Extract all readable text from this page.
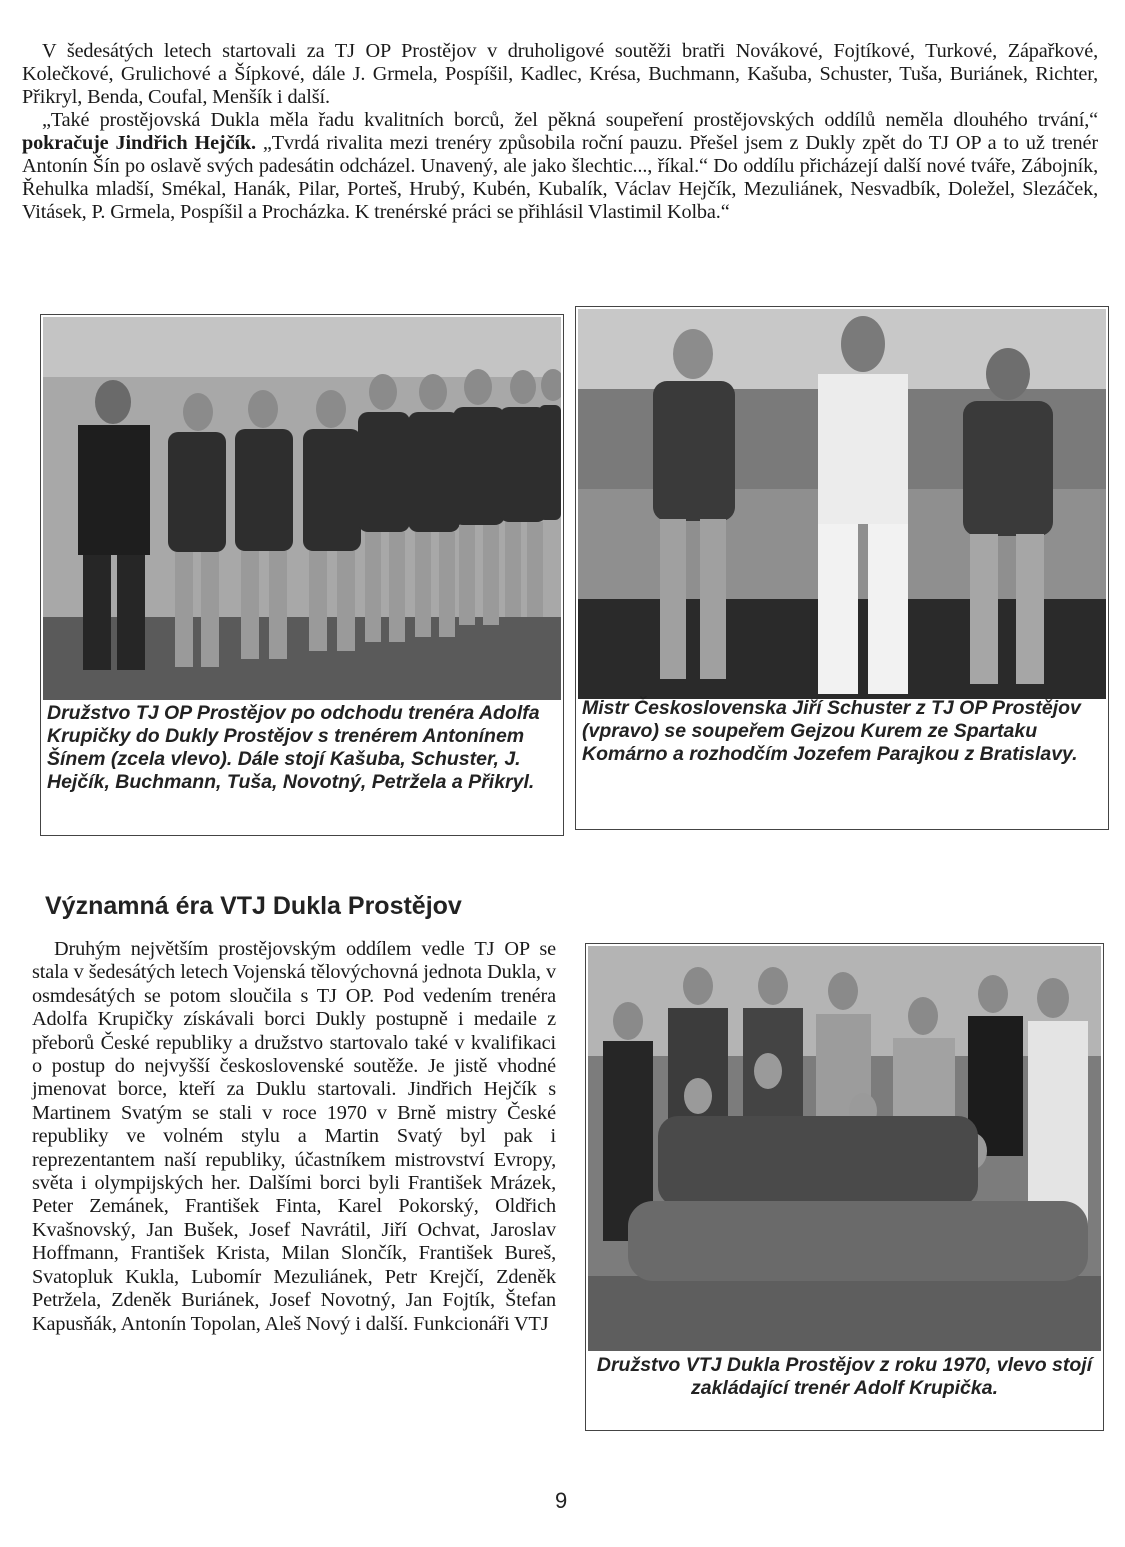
V šedesátých letech startovali za TJ OP Prostějov v druholigové soutěži bratři Novákové, Fojtíkové, Turkové, Zápařkové, Kolečkové, Grulichové a Šípkové, dále J. Grmela, Pospíšil, Kadlec, Krésa, Buchmann, Kašuba, Schuster, Tuša, Buriánek, Richter, Přikryl, Benda, Coufal, Menšík i další.

„Také prostějovská Dukla měla řadu kvalitních borců, žel pěkná soupeření prostějovských oddílů neměla dlouhého trvání,“ pokračuje Jindřich Hejčík. „Tvrdá rivalita mezi trenéry způsobila roční pauzu. Přešel jsem z Dukly zpět do TJ OP a to už trenér Antonín Šín po oslavě svých padesátin odcházel. Unavený, ale jako šlechtic..., říkal.“ Do oddílu přicházejí další nové tváře, Zábojník, Řehulka mladší, Smékal, Hanák, Pilar, Porteš, Hrubý, Kubén, Kubalík, Václav Hejčík, Mezuliánek, Nesvadbík, Doležel, Slezáček, Vitásek, P. Grmela, Pospíšil a Procházka. K trenérské práci se přihlásil Vlastimil Kolba.“

Družstvo TJ OP Prostějov po odchodu trenéra Adolfa Krupičky do Dukly Prostějov s trenérem Antonínem Šínem (zcela vlevo). Dále stojí Kašuba, Schuster, J. Hejčík, Buchmann, Tuša, Novotný, Petržela a Přikryl.
Mistr Československa Jiří Schuster z TJ OP Prostějov (vpravo) se soupeřem Gejzou Kurem ze Spartaku Komárno a rozhodčím Jozefem Parajkou z Bratislavy.
Významná éra VTJ Dukla Prostějov

Druhým největším prostějovským oddílem vedle TJ OP se stala v šedesátých letech Vojenská tělovýchovná jednota Dukla, v osmdesátých se potom sloučila s TJ OP. Pod vedením trenéra Adolfa Krupičky získávali borci Dukly postupně i medaile z přeborů České republiky a družstvo startovalo také v kvalifikaci o postup do nejvyšší československé soutěže. Je jistě vhodné jmenovat borce, kteří za Duklu startovali. Jindřich Hejčík s Martinem Svatým se stali v roce 1970 v Brně mistry České republiky ve volném stylu a Martin Svatý byl pak i reprezentantem naší republiky, účastníkem mistrovství Evropy, světa i olympijských her. Dalšími borci byli František Mrázek, Peter Zemánek, František Finta, Karel Pokorský, Oldřich Kvašnovský, Jan Bušek, Josef Navrátil, Jiří Ochvat, Jaroslav Hoffmann, František Krista, Milan Slončík, František Bureš, Svatopluk Kukla, Lubomír Mezuliánek, Petr Krejčí, Zdeněk Petržela, Zdeněk Buriánek, Josef Novotný, Jan Fojtík, Štefan Kapusňák, Antonín Topolan, Aleš Nový i další. Funkcionáři VTJ

Družstvo VTJ Dukla Prostějov z roku 1970, vlevo stojí zakládající trenér Adolf Krupička.
9
